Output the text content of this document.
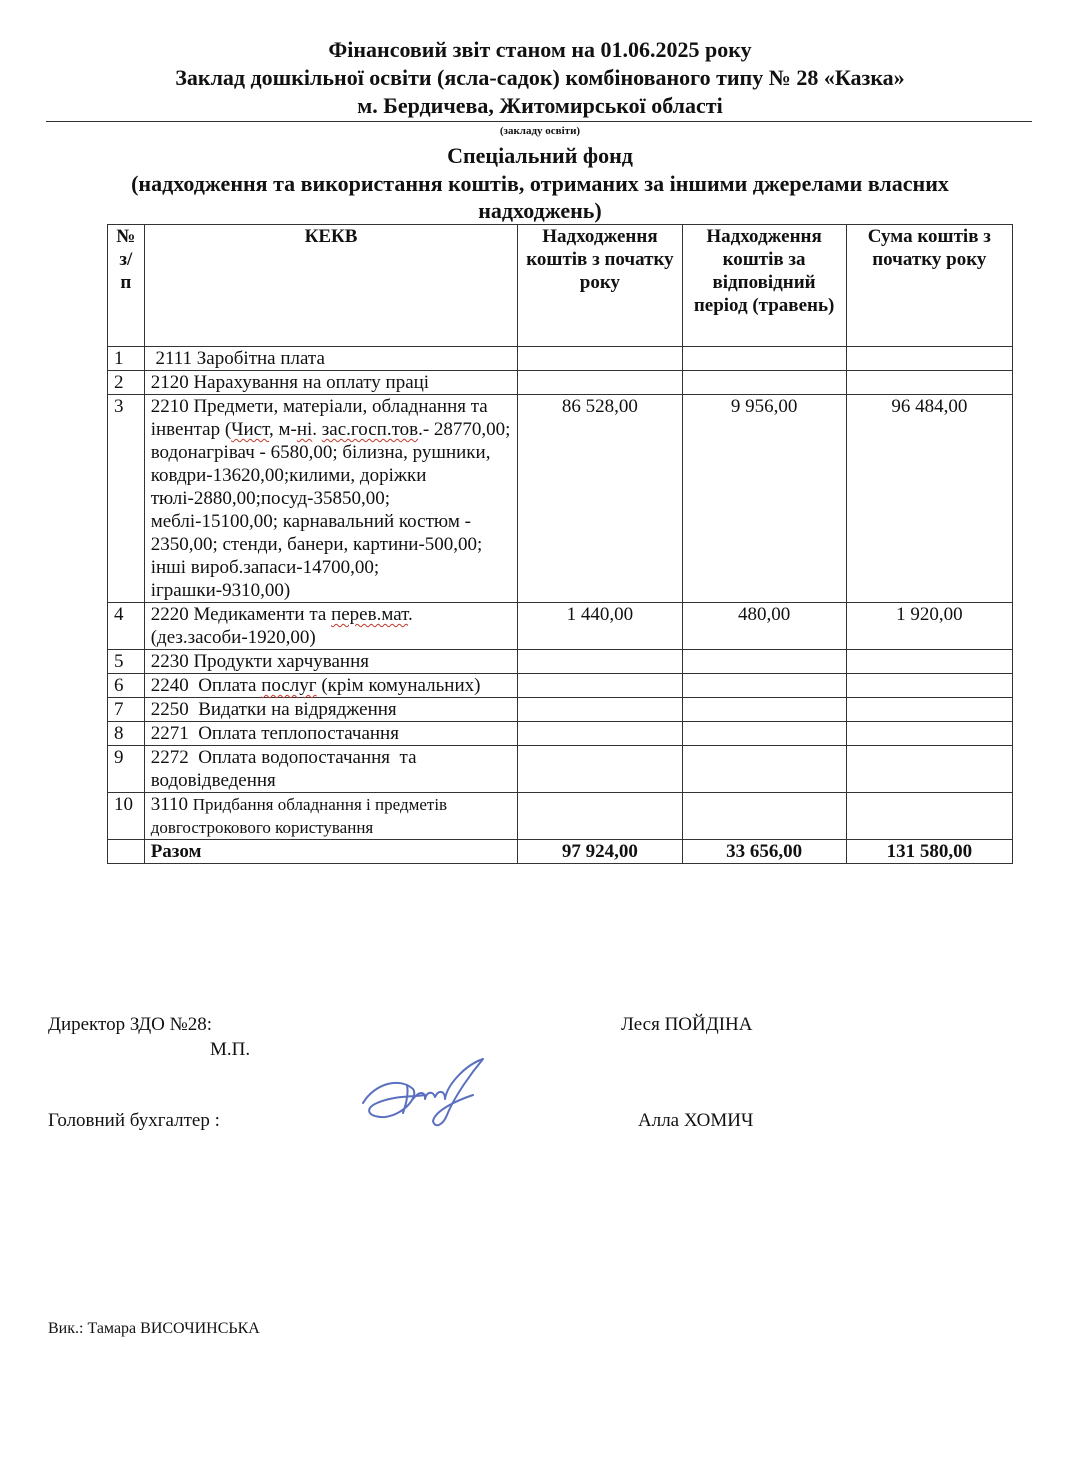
Фінансовий звіт станом на 01.06.2025 року
Заклад дошкільної освіти (ясла-садок) комбінованого типу № 28 «Казка»
м. Бердичева, Житомирської області
(закладу освіти)
Спеціальний фонд
(надходження та використання коштів, отриманих за іншими джерелами власних
надходжень)
№ з/п	КЕКВ	Надходження коштів з початку року	Надходження коштів за відповідний період (травень)	Сума коштів з початку року
1	2111 Заробітна плата			
2	2120 Нарахування на оплату праці			
3	2210 Предмети, матеріали, обладнання та інвентар (Чист, м-ні. зас.госп.тов.- 28770,00; водонагрівач - 6580,00; білизна, рушники, ковдри-13620,00;килими, доріжки тюлі-2880,00;посуд-35850,00; меблі-15100,00; карнавальний костюм - 2350,00; стенди, банери, картини-500,00; інші вироб.запаси-14700,00; іграшки-9310,00)	86 528,00	9 956,00	96 484,00
4	2220 Медикаменти та перев.мат. (дез.засоби-1920,00)	1 440,00	480,00	1 920,00
5	2230 Продукти харчування			
6	2240  Оплата послуг (крім комунальних)			
7	2250  Видатки на відрядження			
8	2271  Оплата теплопостачання			
9	2272  Оплата водопостачання  та водовідведення			
10	3110 Придбання обладнання і предметів довгострокового користування			
	Разом	97 924,00	33 656,00	131 580,00
Директор ЗДО №28:
М.П.
Леся ПОЙДІНА
Головний бухгалтер :	Алла ХОМИЧ
Вик.: Тамара ВИСОЧИНСЬКА
